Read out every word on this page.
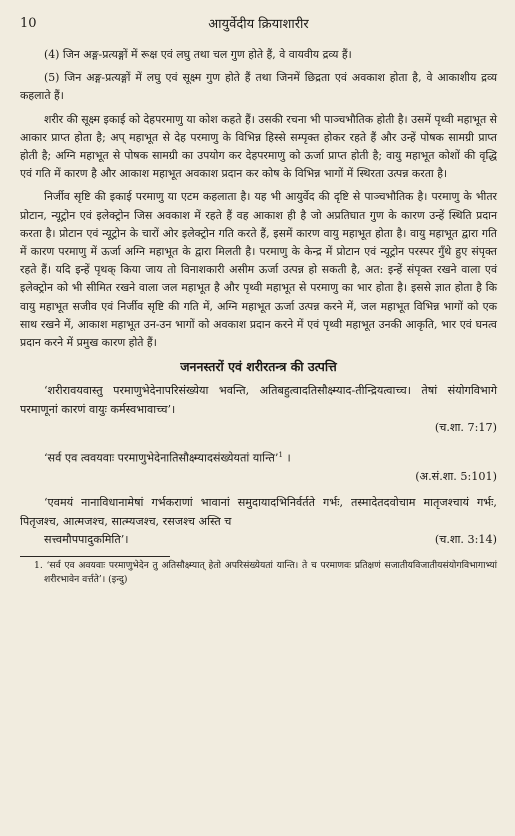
10	आयुर्वेदीय क्रियाशारीर

(4) जिन अङ्ग-प्रत्यङ्गों में रूक्ष एवं लघु तथा चल गुण होते हैं, वे वायवीय द्रव्य हैं।

(5) जिन अङ्ग-प्रत्यङ्गों में लघु एवं सूक्ष्म गुण होते हैं तथा जिनमें छिद्रता एवं अवकाश होता है, वे आकाशीय द्रव्य कहलाते हैं।

शरीर की सूक्ष्म इकाई को देहपरमाणु या कोश कहते हैं। उसकी रचना भी पाञ्चभौतिक होती है। उसमें पृथ्वी महाभूत से आकार प्राप्त होता है; अप् महाभूत से देह परमाणु के विभिन्न हिस्से सम्पृक्त होकर रहते हैं और उन्हें पोषक सामग्री प्राप्त होती है; अग्नि महाभूत से पोषक सामग्री का उपयोग कर देहपरमाणु को ऊर्जा प्राप्त होती है; वायु महाभूत कोशों की वृद्धि एवं गति में कारण है और आकाश महाभूत अवकाश प्रदान कर कोष के विभिन्न भागों में स्थिरता उत्पन्न करता है।

निर्जीव सृष्टि की इकाई परमाणु या एटम कहलाता है। यह भी आयुर्वेद की दृष्टि से पाञ्चभौतिक है। परमाणु के भीतर प्रोटान, न्यूट्रोन एवं इलेक्ट्रोन जिस अवकाश में रहते हैं वह आकाश ही है जो अप्रतिघात गुण के कारण उन्हें स्थिति प्रदान करता है। प्रोटान एवं न्यूट्रोन के चारों ओर इलेक्ट्रोन गति करते हैं, इसमें कारण वायु महाभूत होता है। वायु महाभूत द्वारा गति में कारण परमाणु में ऊर्जा अग्नि महाभूत के द्वारा मिलती है। परमाणु के केन्द्र में प्रोटान एवं न्यूट्रोन परस्पर गुँथे हुए संपृक्त रहते हैं। यदि इन्हें पृथक् किया जाय तो विनाशकारी असीम ऊर्जा उत्पन्न हो सकती है, अत: इन्हें संपृक्त रखने वाला एवं इलेक्ट्रोन को भी सीमित रखने वाला जल महाभूत है और पृथ्वी महाभूत से परमाणु का भार होता है। इससे ज्ञात होता है कि वायु महाभूत सजीव एवं निर्जीव सृष्टि की गति में, अग्नि महाभूत ऊर्जा उत्पन्न करने में, जल महाभूत विभिन्न भागों को एक साथ रखने में, आकाश महाभूत उन-उन भागों को अवकाश प्रदान करने में एवं पृथ्वी महाभूत उनकी आकृति, भार एवं घनत्व प्रदान करने में प्रमुख कारण होते हैं।

जननस्तरों एवं शरीरतन्त्र की उत्पत्ति

‘शरीरावयवास्तु परमाणुभेदेनापरिसंख्येया भवन्ति, अतिबहुत्वादतिसौक्ष्म्याद-तीन्द्रियत्वाच्च। तेषां संयोगविभागे परमाणूनां कारणं वायुः कर्मस्वभावाच्च’।

(च.शा. 7:17)

‘सर्व एव त्ववयवाः परमाणुभेदेनातिसौक्ष्म्यादसंख्येयतां यान्ति’$^1$ ।

(अ.सं.शा. 5:101)

‘एवमयं नानाविधानामेषां गर्भकराणां भावानां समुदायादभिनिर्वर्तते गर्भः, तस्मादेतदवोचाम मातृजश्चायं गर्भः, पितृजश्च, आत्मजश्च, सात्म्यजश्च, रसजश्च अस्ति च

सत्त्वमौपपादुकमिति’।	(च.शा. 3:14)

1. ‘सर्व एव अवयवाः परमाणुभेदेन तु अतिसौक्ष्म्यात् हेतो अपरिसंख्येयतां यान्ति। ते च परमाणवः प्रतिक्षणं सजातीयविजातीयसंयोगविभागाभ्यां शरीरभावेन वर्त्तते’। (इन्दु)
